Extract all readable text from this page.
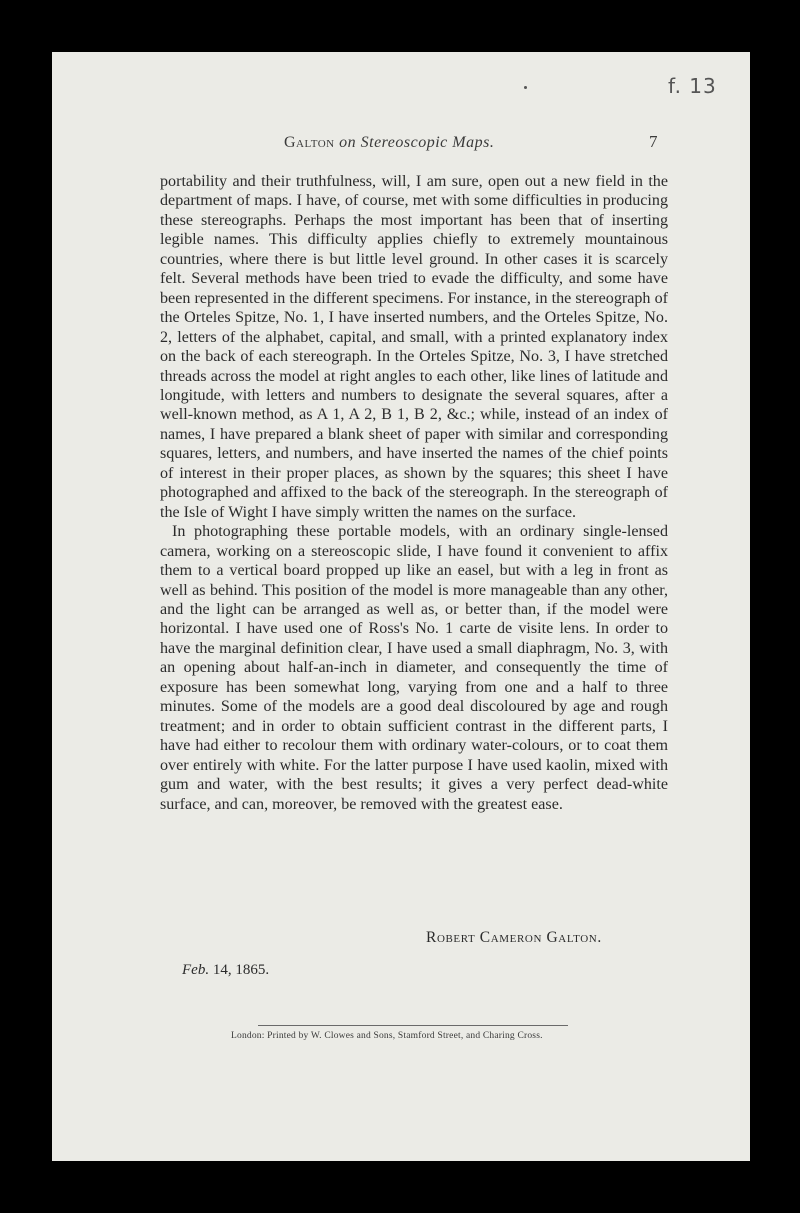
f. 13
Galton on Stereoscopic Maps.	7

portability and their truthfulness, will, I am sure, open out a new field in the department of maps. I have, of course, met with some difficulties in producing these stereographs. Perhaps the most important has been that of inserting legible names. This difficulty applies chiefly to extremely mountainous countries, where there is but little level ground. In other cases it is scarcely felt. Several methods have been tried to evade the difficulty, and some have been represented in the different specimens. For instance, in the stereograph of the Orteles Spitze, No. 1, I have inserted numbers, and the Orteles Spitze, No. 2, letters of the alphabet, capital, and small, with a printed explanatory index on the back of each stereograph. In the Orteles Spitze, No. 3, I have stretched threads across the model at right angles to each other, like lines of latitude and longitude, with letters and numbers to designate the several squares, after a well-known method, as A 1, A 2, B 1, B 2, &c.; while, instead of an index of names, I have prepared a blank sheet of paper with similar and corresponding squares, letters, and numbers, and have inserted the names of the chief points of interest in their proper places, as shown by the squares; this sheet I have photographed and affixed to the back of the stereograph. In the stereograph of the Isle of Wight I have simply written the names on the surface.

In photographing these portable models, with an ordinary single-lensed camera, working on a stereoscopic slide, I have found it convenient to affix them to a vertical board propped up like an easel, but with a leg in front as well as behind. This position of the model is more manageable than any other, and the light can be arranged as well as, or better than, if the model were horizontal. I have used one of Ross's No. 1 carte de visite lens. In order to have the marginal definition clear, I have used a small diaphragm, No. 3, with an opening about half-an-inch in diameter, and consequently the time of exposure has been somewhat long, varying from one and a half to three minutes. Some of the models are a good deal discoloured by age and rough treatment; and in order to obtain sufficient contrast in the different parts, I have had either to recolour them with ordinary water-colours, or to coat them over entirely with white. For the latter purpose I have used kaolin, mixed with gum and water, with the best results; it gives a very perfect dead-white surface, and can, moreover, be removed with the greatest ease.

Robert Cameron Galton.
Feb. 14, 1865.
London: Printed by W. Clowes and Sons, Stamford Street, and Charing Cross.
